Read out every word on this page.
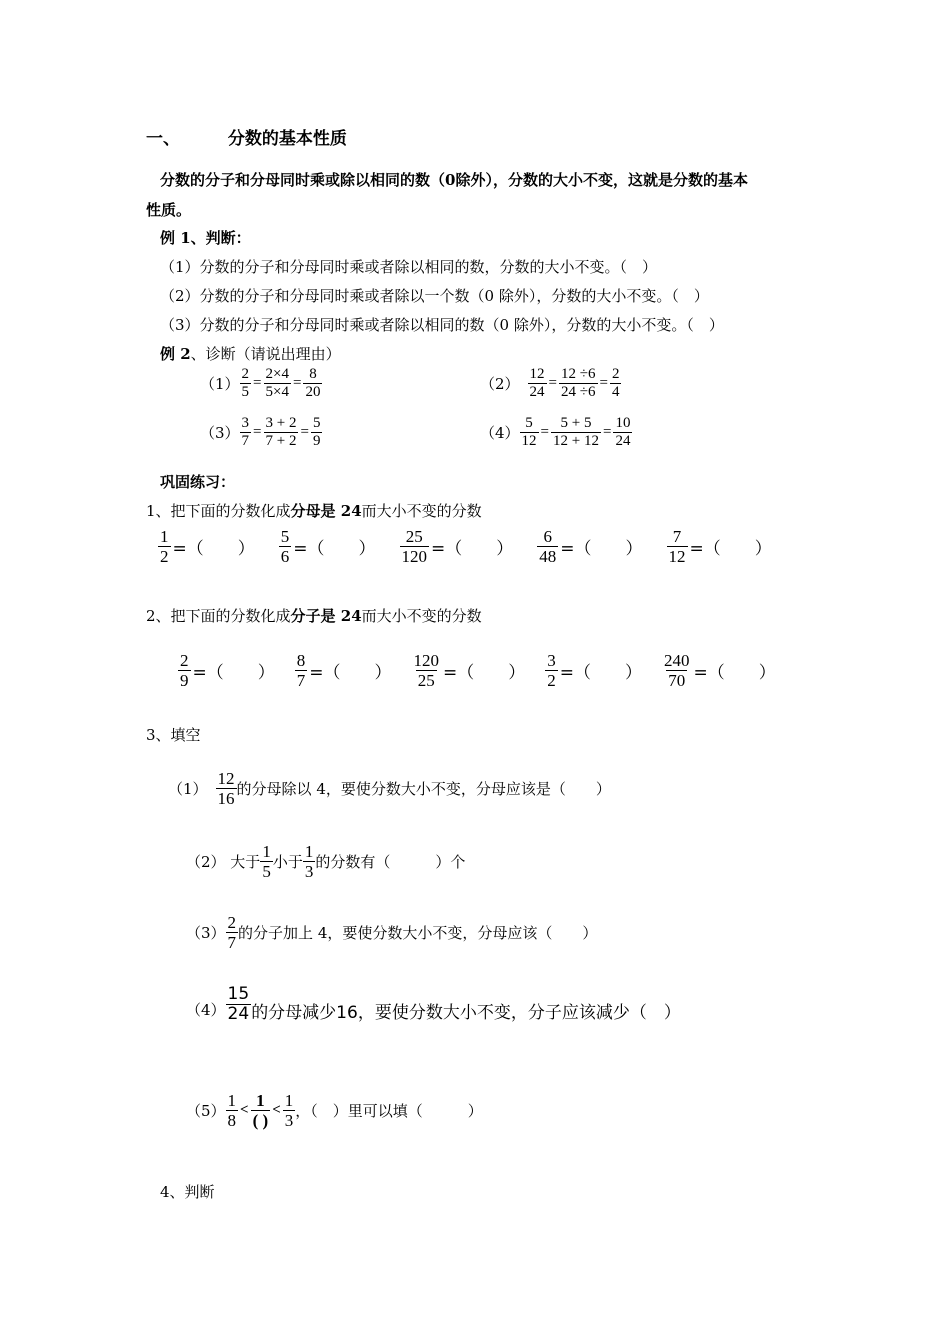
一、	分数的基本性质
分数的分子和分母同时乘或除以相同的数（0除外），分数的大小不变，这就是分数的基本
性质。
例 1、判断：
（1）分数的分子和分母同时乘或者除以相同的数，分数的大小不变。（　）
（2）分数的分子和分母同时乘或者除以一个数（0 除外），分数的大小不变。（　）
（3）分数的分子和分母同时乘或者除以相同的数（0 除外），分数的大小不变。（　）
例 2、诊断（请说出理由）
$(1) \frac{2}{5} = \frac{2\times 4}{5\times 4} = \frac{8}{20}$	$(2) \frac{12}{24} = \frac{12 \div 6}{24 \div 6} = \frac{2}{4}$
$(3) \frac{3}{7} = \frac{3 + 2}{7 + 2} = \frac{5}{9}$	$(4) \frac{5}{12} = \frac{5 + 5}{12 + 12} = \frac{10}{24}$
巩固练习：
1、把下面的分数化成分母是 24而大小不变的分数
$\frac{1}{2}$ =（　　） $\frac{5}{6}$ =（　　） $\frac{25}{120}$ =（　　） $\frac{6}{48}$ =（　　） $\frac{7}{12}$ =（　　）
2、把下面的分数化成分子是 24而大小不变的分数
$\frac{2}{9}$ =（　　） $\frac{8}{7}$ =（　　） $\frac{120}{25}$ =（　　） $\frac{3}{2}$ =（　　） $\frac{240}{70}$ =（　　）
3、填空
$(1) \frac{12}{16}$ 的分母除以 4，要使分数大小不变，分母应该是（　　）
（2） 大于 $\frac{1}{5}$ 小于 $\frac{1}{3}$ 的分数有（　　　）个
$(3) \frac{2}{7}$ 的分子加上 4，要使分数大小不变，分母应该（　　）
$(4) \frac{15}{24}$ 的分母减少16，要使分数大小不变，分子应该减少（　）
$(5) \frac{1}{8} < \frac{1}{( )} < \frac{1}{3}$ ，（　）里可以填（　　　）
4、判断
